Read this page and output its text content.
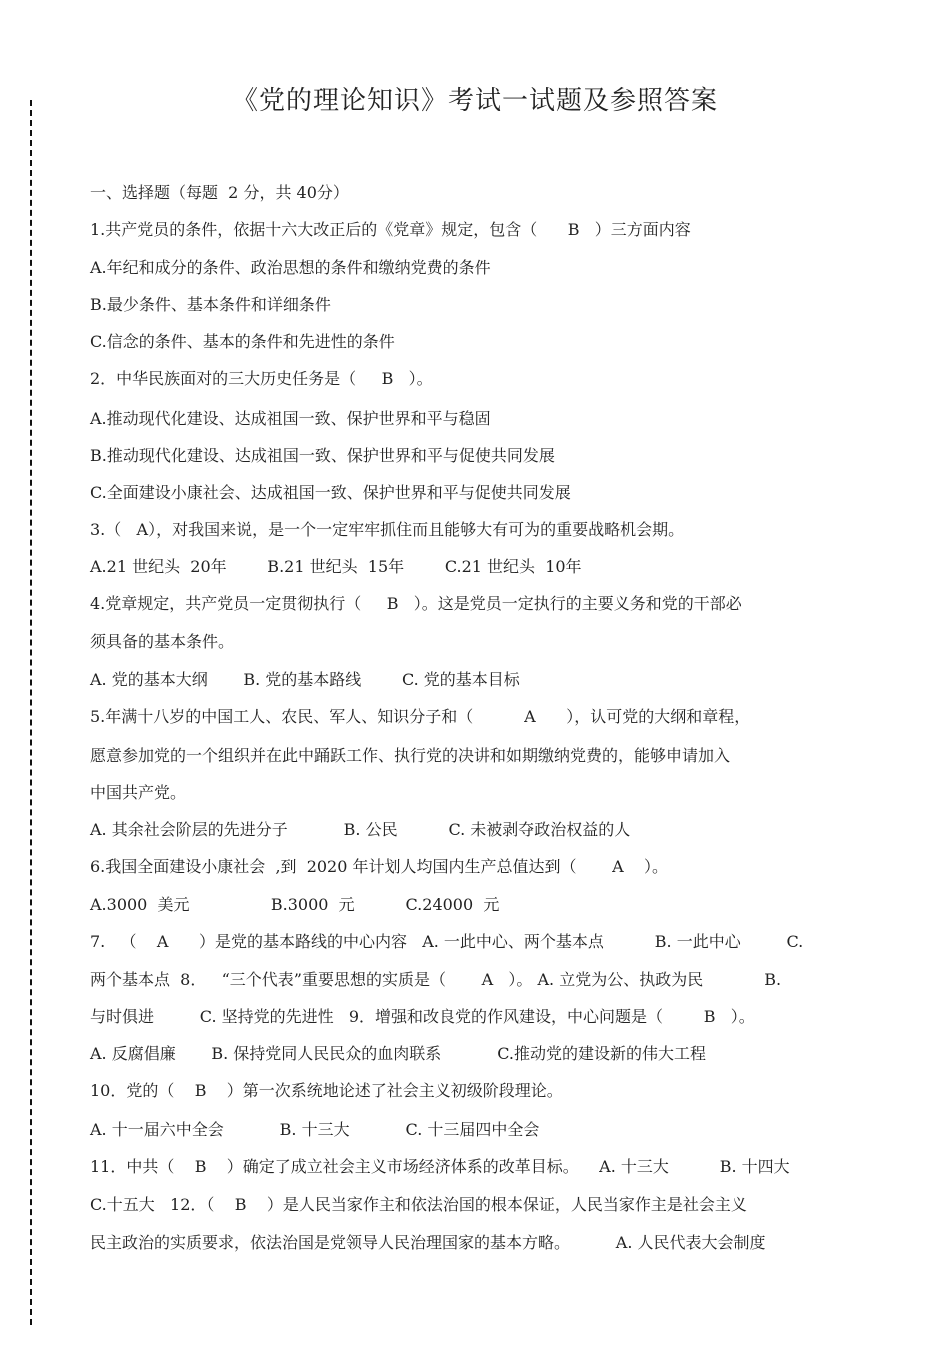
《党的理论知识》考试一试题及参照答案
一、选择题（每题  2 分，共 40分）
1.共产党员的条件，依据十六大改正后的《党章》规定，包含（      B   ）三方面内容
A.年纪和成分的条件、政治思想的条件和缴纳党费的条件
B.最少条件、基本条件和详细条件
C.信念的条件、基本的条件和先进性的条件
2．中华民族面对的三大历史任务是（     B   ）。
A.推动现代化建设、达成祖国一致、保护世界和平与稳固
B.推动现代化建设、达成祖国一致、保护世界和平与促使共同发展
C.全面建设小康社会、达成祖国一致、保护世界和平与促使共同发展
3.（   A），对我国来说，是一个一定牢牢抓住而且能够大有可为的重要战略机会期。
A.21 世纪头  20年        B.21 世纪头  15年        C.21 世纪头  10年
4.党章规定，共产党员一定贯彻执行（     B   ）。这是党员一定执行的主要义务和党的干部必
须具备的基本条件。
A. 党的基本大纲       B. 党的基本路线        C. 党的基本目标
5.年满十八岁的中国工人、农民、军人、知识分子和（          A      ），认可党的大纲和章程，
愿意参加党的一个组织并在此中踊跃工作、执行党的决讲和如期缴纳党费的，能够申请加入
中国共产党。
A. 其余社会阶层的先进分子           B. 公民          C. 未被剥夺政治权益的人
6.我国全面建设小康社会  ,到  2020 年计划人均国内生产总值达到（       A    ）。
A.3000  美元                B.3000  元          C.24000  元
7.   （    A      ）是党的基本路线的中心内容   A. 一此中心、两个基本点          B. 一此中心         C.
两个基本点  8．   “三个代表”重要思想的实质是（       A   ）。 A. 立党为公、执政为民            B.
与时俱进         C. 坚持党的先进性   9．增强和改良党的作风建设，中心问题是（        B   ）。
A. 反腐倡廉       B. 保持党同人民民众的血肉联系           C.推动党的建设新的伟大工程
10．党的（    B    ）第一次系统地论述了社会主义初级阶段理论。
A. 十一届六中全会           B. 十三大           C. 十三届四中全会
11．中共（    B    ）确定了成立社会主义市场经济体系的改革目标。    A. 十三大          B. 十四大
C.十五大   12．（    B    ）是人民当家作主和依法治国的根本保证，人民当家作主是社会主义
民主政治的实质要求，依法治国是党领导人民治理国家的基本方略。         A. 人民代表大会制度
